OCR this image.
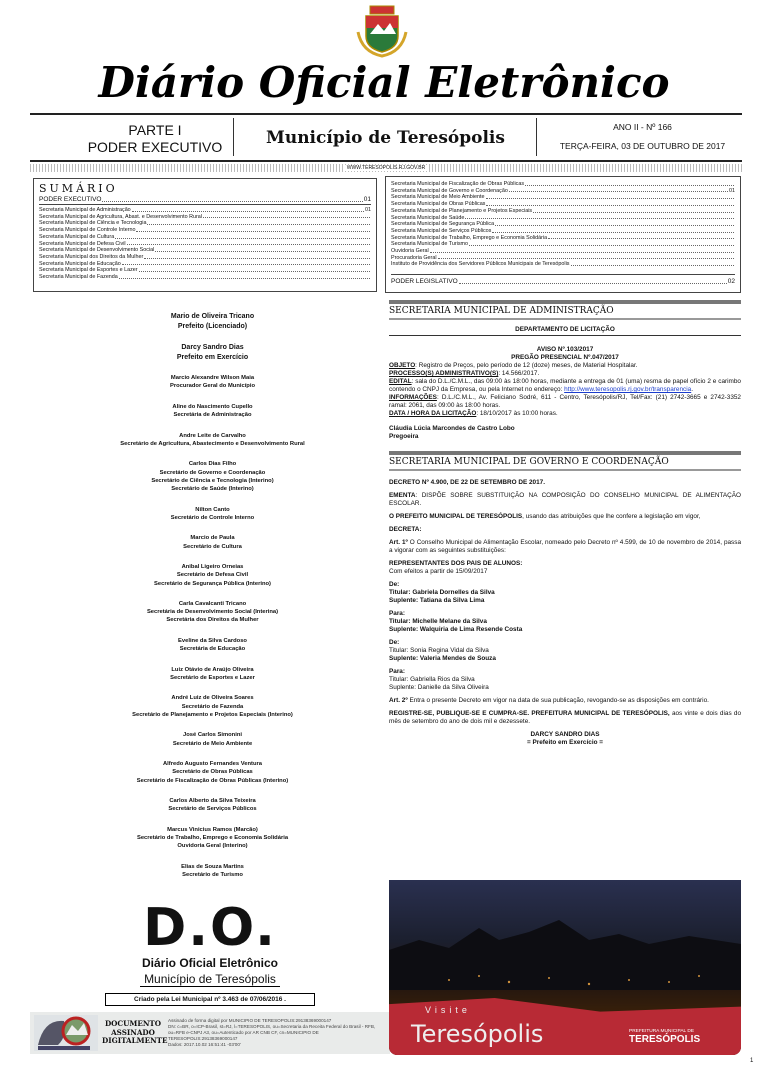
Diário Oficial Eletrônico
PARTE I
PODER EXECUTIVO	Município de Teresópolis
ANO II - Nº 166
TERÇA-FEIRA, 03 DE OUTUBRO DE 2017
WWW.TERESOPOLIS.RJ.GOV.BR
SUMÁRIO
PODER EXECUTIVO	01
Secretaria Municipal de Administração	01
Secretaria Municipal de Agricultura, Abast. e Desenvolvimento Rural
Secretaria Municipal de Ciência e Tecnologia
Secretaria Municipal de Controle Interno
Secretaria Municipal de Cultura
Secretaria Municipal de Defesa Civil
Secretaria Municipal de Desenvolvimento Social
Secretaria Municipal dos Direitos da Mulher
Secretaria Municipal de Educação
Secretaria Municipal de Esportes e Lazer
Secretaria Municipal de Fazenda
Secretaria Municipal de Fiscalização de Obras Públicas
Secretaria Municipal de Governo e Coordenação	01
Secretaria Municipal de Meio Ambiente
Secretaria Municipal de Obras Públicas
Secretaria Municipal de Planejamento e Projetos Especiais
Secretaria Municipal de Saúde
Secretaria Municipal de Segurança Pública
Secretaria Municipal de Serviços Públicos
Secretaria Municipal de Trabalho, Emprego e Economia Solidária
Secretaria Municipal de Turismo
Ouvidoria Geral
Procuradoria Geral
Instituto de Providência dos Servidores Públicos Municipais de Teresópolis
PODER LEGISLATIVO	02
Mario de Oliveira Tricano
Prefeito (Licenciado)
Darcy Sandro Dias
Prefeito em Exercício
Marcio Alexandre Wilson Maia
Procurador Geral do Município
Aline do Nascimento Cupello
Secretária de Administração
Andre Leite de Carvalho
Secretário de Agricultura, Abastecimento e Desenvolvimento Rural
Carlos Dias Filho
Secretário de Governo e Coordenação
Secretário de Ciência e Tecnologia (Interino)
Secretário de Saúde (Interino)
Nilton Canto
Secretário de Controle Interno
Marcio de Paula
Secretário de Cultura
Anibal Ligeiro Orneias
Secretário de Defesa Civil
Secretário de Segurança Pública (Interino)
Carla Cavalcanti Tricano
Secretária de Desenvolvimento Social (Interina)
Secretária dos Direitos da Mulher
Eveline da Silva Cardoso
Secretária de Educação
Luiz Otávio de Araújo Oliveira
Secretário de Esportes e Lazer
André Luiz de Oliveira Soares
Secretário de Fazenda
Secretário de Planejamento e Projetos Especiais (Interino)
José Carlos Simonini
Secretário de Meio Ambiente
Alfredo Augusto Fernandes Ventura
Secretário de Obras Públicas
Secretário de Fiscalização de Obras Públicas (Interino)
Carlos Alberto da Silva Teixeira
Secretário de Serviços Públicos
Marcus Vinicius Ramos (Marcão)
Secretário de Trabalho, Emprego e Economia Solidária
Ouvidoria Geral (Interino)
Elias de Souza Martins
Secretário de Turismo
SECRETARIA MUNICIPAL DE ADMINISTRAÇÃO
DEPARTAMENTO DE LICITAÇÃO
AVISO Nº.103/2017
PREGÃO PRESENCIAL Nº.047/2017
OBJETO: Registro de Preços, pelo período de 12 (doze) meses, de Material Hospitalar.
PROCESSO(S) ADMINISTRATIVO(S): 14.566/2017.
EDITAL: sala do D.L./C.M.L., das 09:00 às 18:00 horas, mediante a entrega de 01 (uma) resma de papel ofício 2 e carimbo contendo o CNPJ da Empresa, ou pela Internet no endereço: http://www.teresopolis.rj.gov.br/transparencia.
INFORMAÇÕES: D.L./C.M.L., Av. Feliciano Sodré, 611 - Centro, Teresópolis/RJ, Tel/Fax: (21) 2742-3665 e 2742-3352 ramal: 2061, das 09:00 às 18:00 horas.
DATA / HORA DA LICITAÇÃO: 18/10/2017 às 10:00 horas.
Cláudia Lúcia Marcondes de Castro Lobo
Pregoeira
SECRETARIA MUNICIPAL DE GOVERNO E COORDENAÇÃO

DECRETO Nº 4.900, DE 22 DE SETEMBRO DE 2017.

EMENTA: DISPÕE SOBRE SUBSTITUIÇÃO NA COMPOSIÇÃO DO CONSELHO MUNICIPAL DE ALIMENTAÇÃO ESCOLAR.

O PREFEITO MUNICIPAL DE TERESÓPOLIS, usando das atribuições que lhe confere a legislação em vigor,

DECRETA:

Art. 1º O Conselho Municipal de Alimentação Escolar, nomeado pelo Decreto nº 4.599, de 10 de novembro de 2014, passa a vigorar com as seguintes substituições:

REPRESENTANTES DOS PAIS DE ALUNOS:
Com efeitos a partir de 15/09/2017

De:
Titular: Gabriela Dornelles da Silva
Suplente: Tatiana da Silva Lima

Para:
Titular: Michelle Melane da Silva
Suplente: Walquiria de Lima Resende Costa

De:
Titular: Sonia Regina Vidal da Silva
Suplente: Valeria Mendes de Souza

Para:
Titular: Gabriella Rios da Silva
Suplente: Danielle da Silva Oliveira

Art. 2º Entra o presente Decreto em vigor na data de sua publicação, revogando-se as disposições em contrário.

REGISTRE-SE, PUBLIQUE-SE E CUMPRA-SE. PREFEITURA MUNICIPAL DE TERESÓPOLIS, aos vinte e dois dias do mês de setembro do ano de dois mil e dezessete.

DARCY SANDRO DIAS
= Prefeito em Exercício =
D.O.
Diário Oficial Eletrônico
Município de Teresópolis
Criado pela Lei Municipal nº 3.463 de 07/06/2016 .
DOCUMENTO
ASSINADO
DIGITALMENTE
Assinado de forma digital por MUNICIPIO DE TERESOPOLIS:29138369000147
DN: c=BR, o=ICP-Brasil, st=RJ, l=TERESOPOLIS, ou=Secretaria da Receita Federal do Brasil - RFB, ou=RFB e-CNPJ A3, ou=Autenticado por AR CNB CF, cn=MUNICIPIO DE TERESOPOLIS:29138369000147
Dados: 2017.10.02 16:51:41 -03'00'
Visite
Teresópolis	PREFEITURA MUNICIPAL DE
TERESÓPOLIS
1
